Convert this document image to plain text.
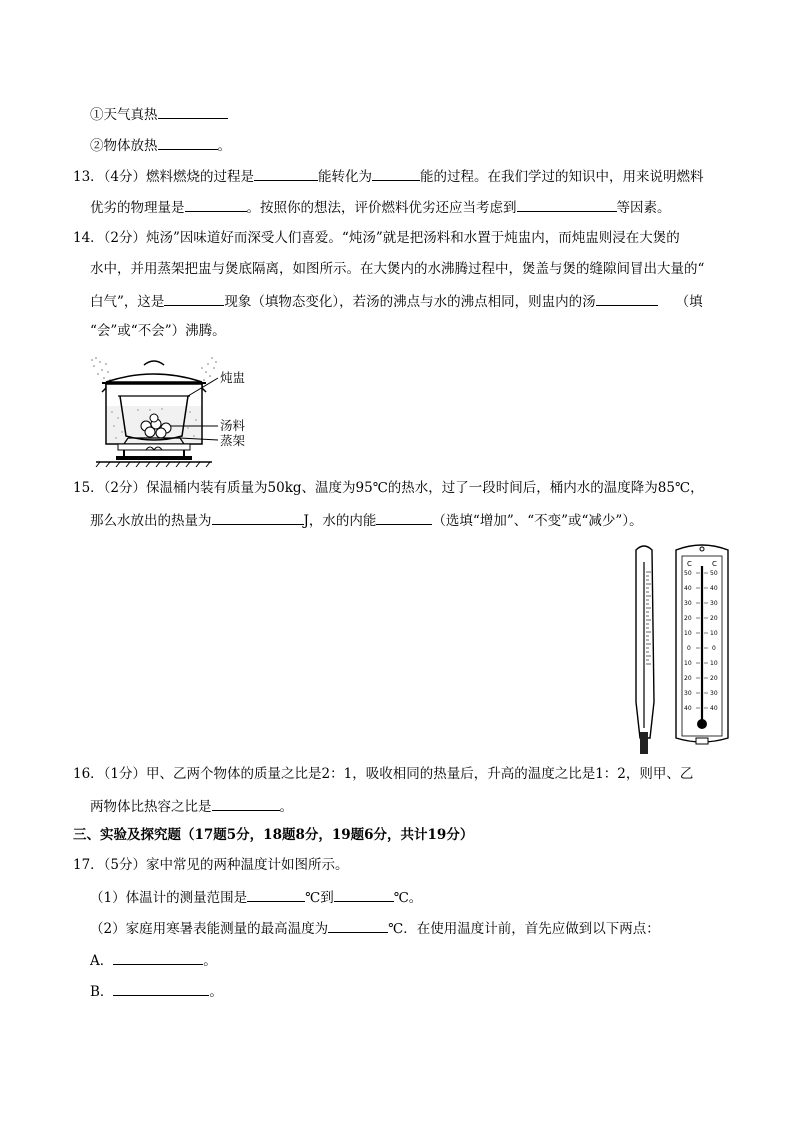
①天气真热
②物体放热	。
13．（4分）燃料燃烧的过程是	能转化为	能的过程。在我们学过的知识中，用来说明燃料
优劣的物理量是	。按照你的想法，评价燃料优劣还应当考虑到	等因素。
14．（2分）炖汤”因味道好而深受人们喜爱。“炖汤”就是把汤料和水置于炖盅内，而炖盅则浸在大煲的
水中，并用蒸架把盅与煲底隔离，如图所示。在大煲内的水沸腾过程中，煲盖与煲的缝隙间冒出大量的“
白气”，这是	现象（填物态变化），若汤的沸点与水的沸点相同，则盅内的汤	（填
“会”或“不会”）沸腾。
炖盅
汤料
蒸架
15．（2分）保温桶内装有质量为50kg、温度为95℃的热水，过了一段时间后，桶内水的温度降为85℃，
那么水放出的热量为	J，水的内能	（选填“增加”、“不变”或“减少”）。
C	C
50
40
30
20
10
0
10
20
30
40
50
40
30
20
10
0
10
20
30
40
16．（1分）甲、乙两个物体的质量之比是2：1，吸收相同的热量后，升高的温度之比是1：2，则甲、乙
两物体比热容之比是	。
三、实验及探究题（17题5分，18题8分，19题6分，共计19分）
17．（5分）家中常见的两种温度计如图所示。
（1）体温计的测量范围是	℃到	℃。
（2）家庭用寒暑表能测量的最高温度为	℃．在使用温度计前，首先应做到以下两点：
A．	。
B．	。
